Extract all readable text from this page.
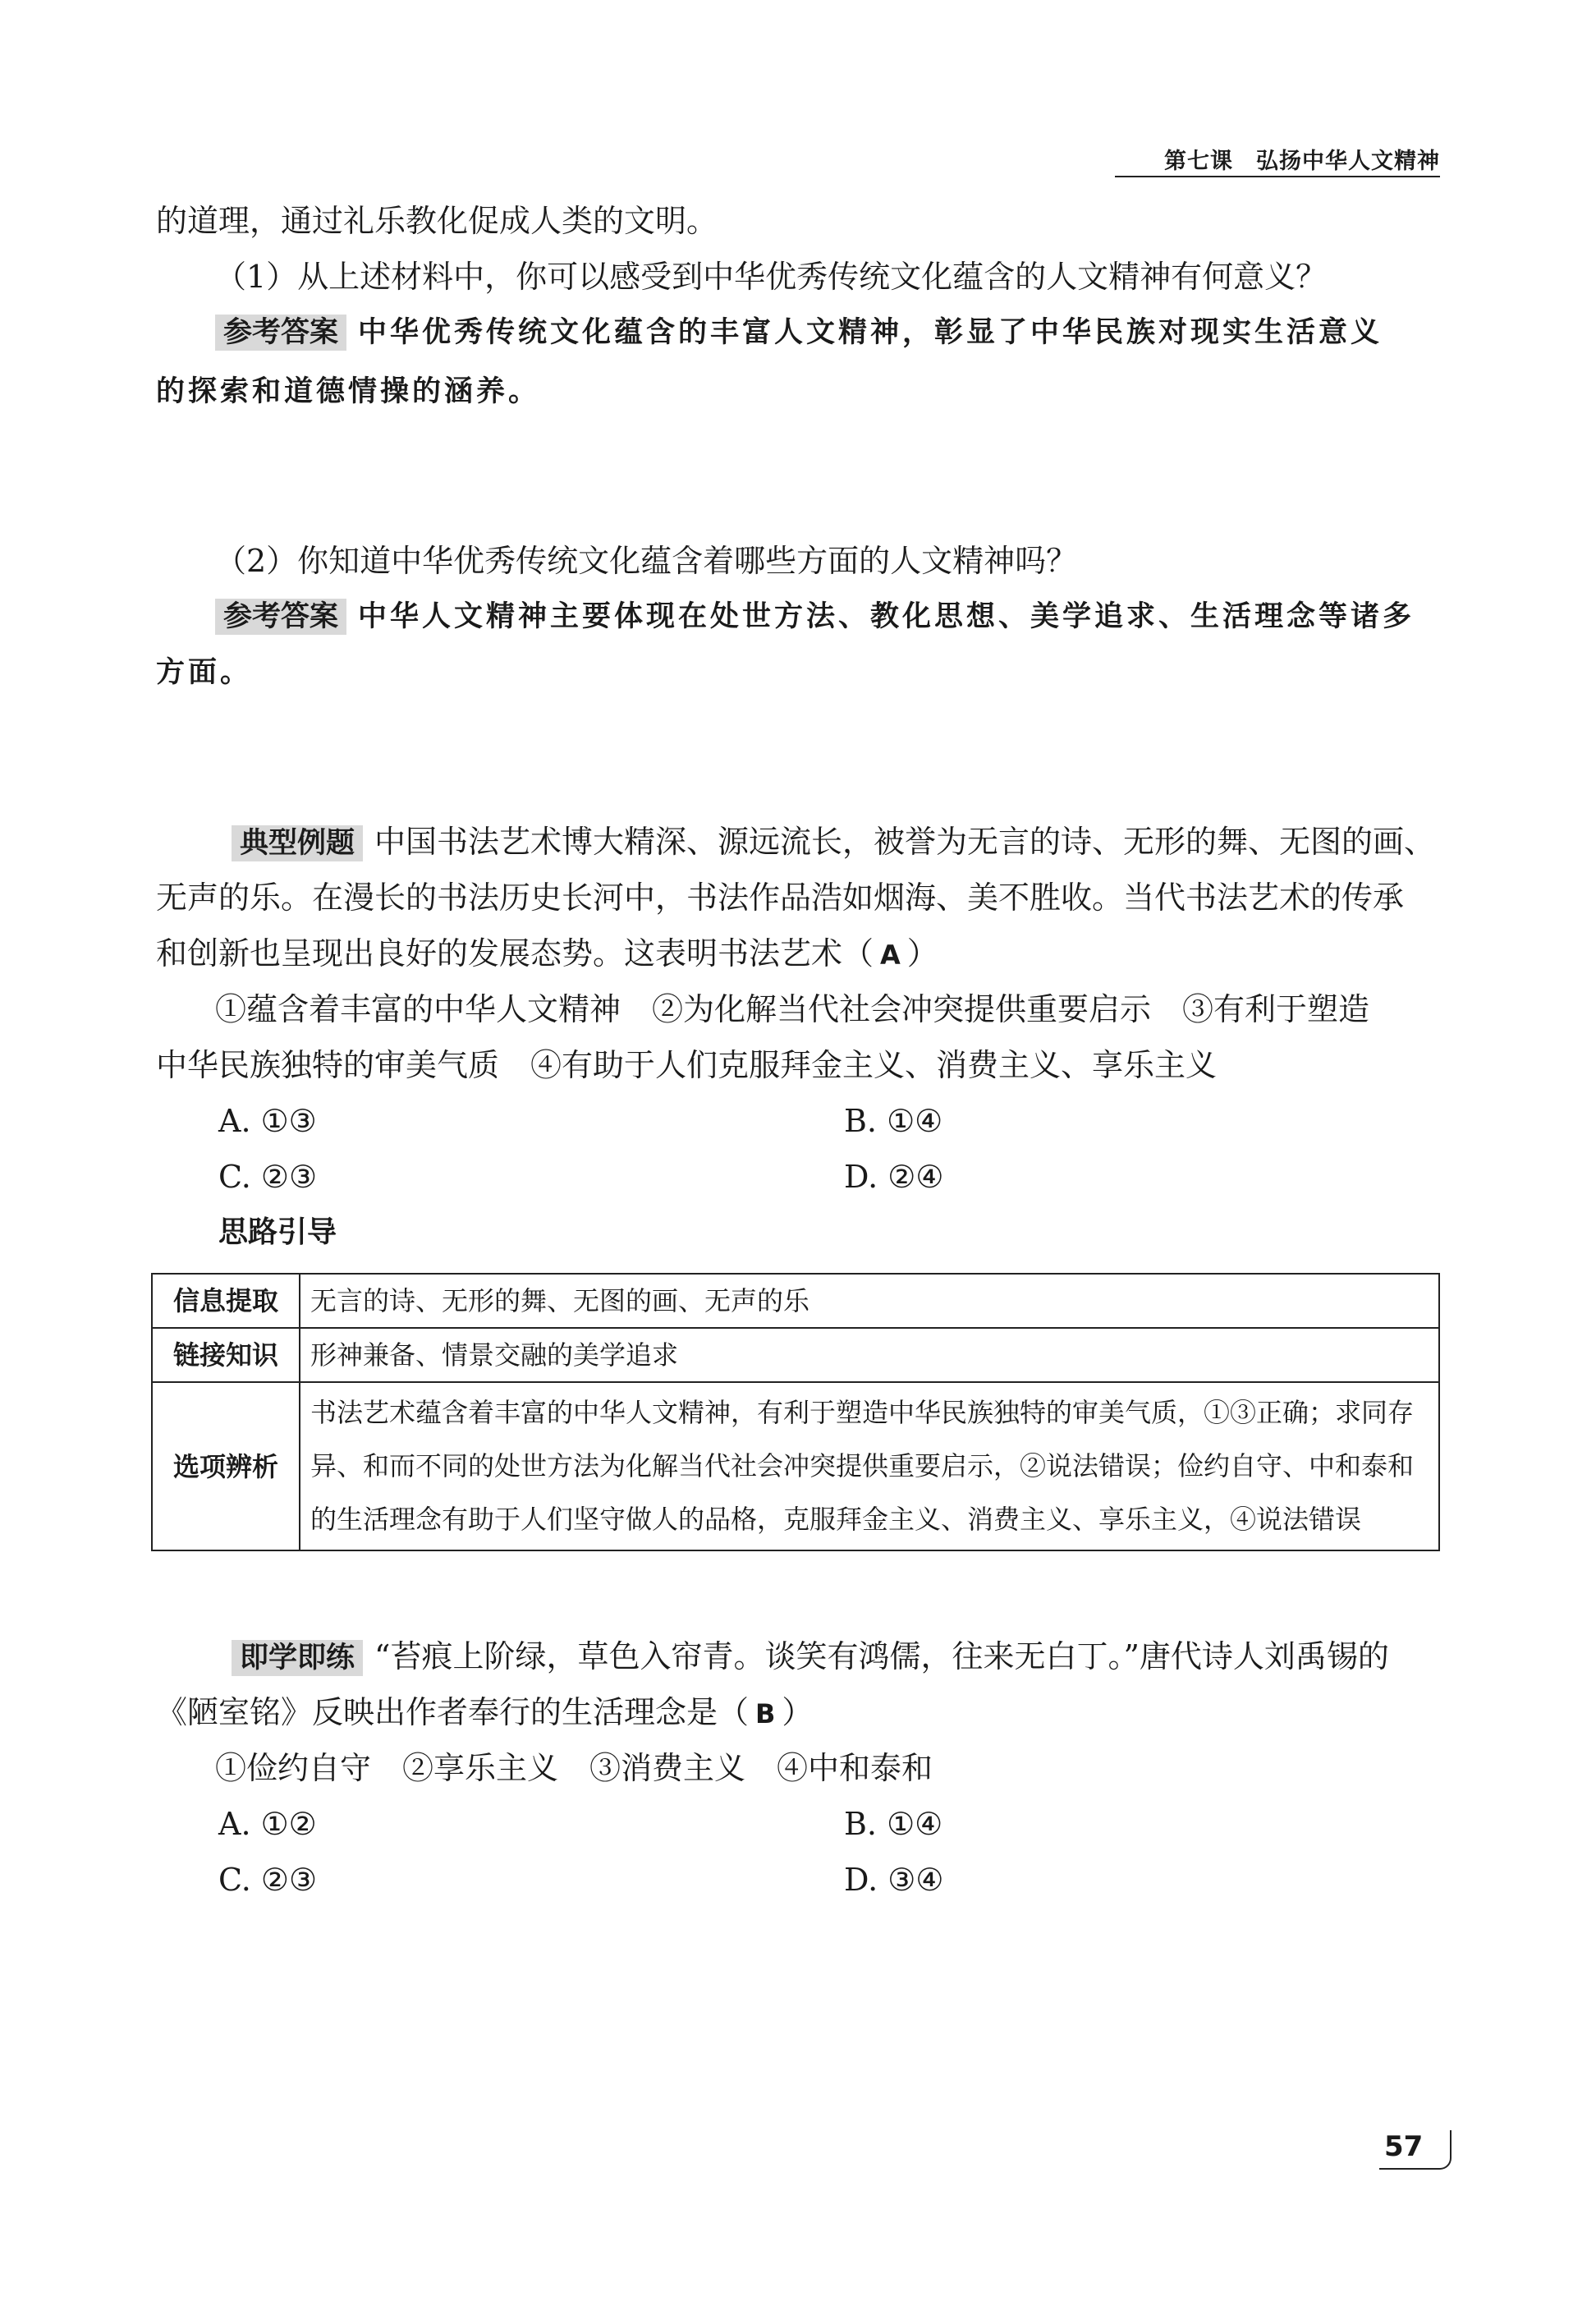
第七课　弘扬中华人文精神
的道理，通过礼乐教化促成人类的文明。
（1）从上述材料中，你可以感受到中华优秀传统文化蕴含的人文精神有何意义？
参考答案 中华优秀传统文化蕴含的丰富人文精神，彰显了中华民族对现实生活意义
的探索和道德情操的涵养。
（2）你知道中华优秀传统文化蕴含着哪些方面的人文精神吗？
参考答案 中华人文精神主要体现在处世方法、教化思想、美学追求、生活理念等诸多
方面。
典型例题 中国书法艺术博大精深、源远流长，被誉为无言的诗、无形的舞、无图的画、
无声的乐。在漫长的书法历史长河中，书法作品浩如烟海、美不胜收。当代书法艺术的传承
和创新也呈现出良好的发展态势。这表明书法艺术（ A ）
①蕴含着丰富的中华人文精神　②为化解当代社会冲突提供重要启示　③有利于塑造
中华民族独特的审美气质　④有助于人们克服拜金主义、消费主义、享乐主义
A. ①③	B. ①④
C. ②③	D. ②④
思路引导
信息提取	无言的诗、无形的舞、无图的画、无声的乐
链接知识	形神兼备、情景交融的美学追求
选项辨析	书法艺术蕴含着丰富的中华人文精神，有利于塑造中华民族独特的审美气质，①③正确；求同存异、和而不同的处世方法为化解当代社会冲突提供重要启示，②说法错误；俭约自守、中和泰和的生活理念有助于人们坚守做人的品格，克服拜金主义、消费主义、享乐主义，④说法错误
即学即练 “苔痕上阶绿，草色入帘青。谈笑有鸿儒，往来无白丁。”唐代诗人刘禹锡的
《陋室铭》反映出作者奉行的生活理念是（ B ）
①俭约自守　②享乐主义　③消费主义　④中和泰和
A. ①②	B. ①④
C. ②③	D. ③④
57
